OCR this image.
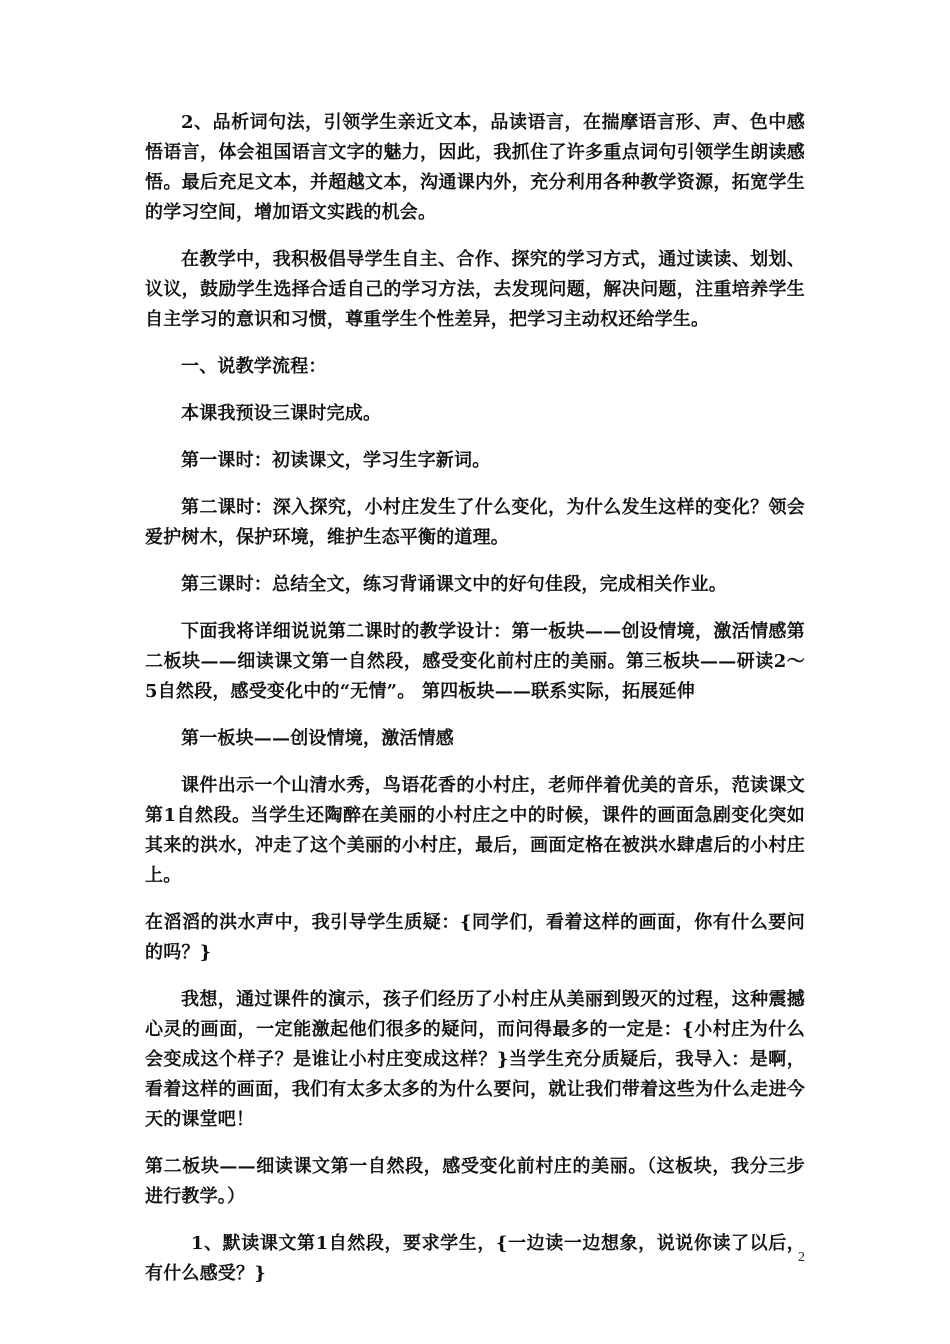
2、品析词句法，引领学生亲近文本，品读语言，在揣摩语言形、声、色中感悟语言，体会祖国语言文字的魅力，因此，我抓住了许多重点词句引领学生朗读感悟。最后充足文本，并超越文本，沟通课内外，充分利用各种教学资源，拓宽学生的学习空间，增加语文实践的机会。

在教学中，我积极倡导学生自主、合作、探究的学习方式，通过读读、划划、议议，鼓励学生选择合适自己的学习方法，去发现问题，解决问题，注重培养学生自主学习的意识和习惯，尊重学生个性差异，把学习主动权还给学生。

一、说教学流程：

本课我预设三课时完成。

第一课时：初读课文，学习生字新词。

第二课时：深入探究，小村庄发生了什么变化，为什么发生这样的变化？领会爱护树木，保护环境，维护生态平衡的道理。

第三课时：总结全文，练习背诵课文中的好句佳段，完成相关作业。

下面我将详细说说第二课时的教学设计：第一板块——创设情境，激活情感第二板块——细读课文第一自然段，感受变化前村庄的美丽。第三板块——研读2～5自然段，感受变化中的“无情”。 第四板块——联系实际，拓展延伸

第一板块——创设情境，激活情感

课件出示一个山清水秀，鸟语花香的小村庄，老师伴着优美的音乐，范读课文第1自然段。当学生还陶醉在美丽的小村庄之中的时候，课件的画面急剧变化突如其来的洪水，冲走了这个美丽的小村庄，最后，画面定格在被洪水肆虐后的小村庄上。

在滔滔的洪水声中，我引导学生质疑：{同学们，看着这样的画面，你有什么要问的吗？}

我想，通过课件的演示，孩子们经历了小村庄从美丽到毁灭的过程，这种震撼心灵的画面，一定能激起他们很多的疑问，而问得最多的一定是：{小村庄为什么会变成这个样子？是谁让小村庄变成这样？}当学生充分质疑后，我导入：是啊，看着这样的画面，我们有太多太多的为什么要问，就让我们带着这些为什么走进今天的课堂吧！

第二板块——细读课文第一自然段，感受变化前村庄的美丽。（这板块，我分三步进行教学。）

1、默读课文第1自然段，要求学生，{一边读一边想象，说说你读了以后，有什么感受？}

2
